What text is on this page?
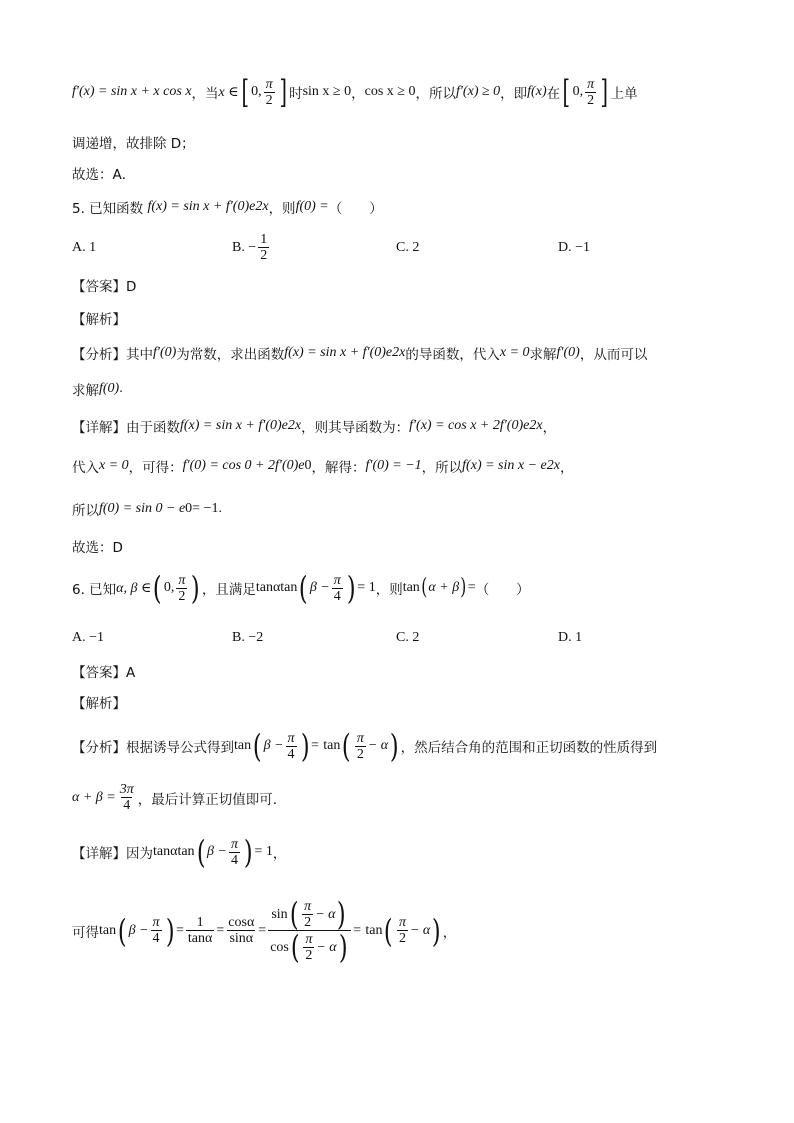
f′(x) = sin x + x cos x ，当 x ∈ [ 0, $\frac{\pi}{2}$ ] 时 sin x ≥ 0 ， cos x ≥ 0 ，所以 f′(x) ≥ 0 ，即 f(x) 在 [ 0, $\frac{\pi}{2}$ ] 上单
调递增，故排除 D；
故选：A．
5. 已知函数
f(x) = sin x + f′(0)e 2x ，则 f(0) = （　　）
A. 1	B. − $\frac{1}{2}$	C. 2	D. −1
【答案】D
【解析】
【分析】其中 f′(0) 为常数，求出函数 f(x) = sin x + f′(0)e 2x 的导函数，代入 x = 0 求解 f′(0) ，从而可以
求解 f(0) .
【详解】由于函数 f(x) = sin x + f′(0)e 2x ，则其导函数为： f′(x) = cos x + 2f′(0)e 2x ，
代入 x = 0 ，可得： f′(0) = cos 0 + 2f′(0)e 0 ，解得： f′(0) = −1 ，所以 f(x) = sin x − e 2x ，
所以 f(0) = sin 0 − e 0 = −1.
故选：D
6. 已知 α, β ∈ ( 0, $\frac{\pi}{2}$ ) ，且满足 tanαtan ( $\beta - \frac{\pi}{4}$ ) = 1 ，则 tan ( α + β ) = （　　）
A. −1	B. −2	C. 2	D. 1
【答案】A
【解析】
【分析】根据诱导公式得到 tan ( $\beta - \frac{\pi}{4}$ ) =
tan ( $\frac{\pi}{2} - \alpha$ ) ，然后结合角的范围和正切函数的性质得到
$\alpha + \beta = \frac{3\pi}{4}$ ，最后计算正切值即可.
【详解】因为 tanαtan ( $\beta - \frac{\pi}{4}$ ) = 1 ，
可得 tan ( $\beta - \frac{\pi}{4}$ ) = $\frac{1}{\tan\alpha} = \frac{\cos\alpha}{\sin\alpha} = \frac{\sin ( \frac{\pi}{2} - \alpha )}{\cos ( \frac{\pi}{2} - \alpha )}$ =
tan ( $\frac{\pi}{2} - \alpha$ ) ，
